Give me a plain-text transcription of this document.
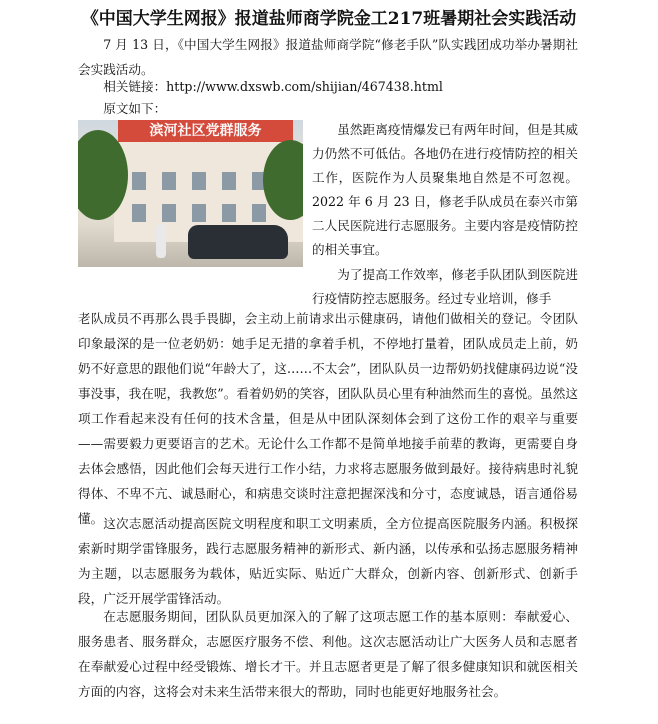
《中国大学生网报》报道盐师商学院金工217班暑期社会实践活动

7 月 13 日，《中国大学生网报》报道盐师商学院“修老手队”队实践团成功举办暑期社会实践活动。

相关链接：http://www.dxswb.com/shijian/467438.html

原文如下：

滨河社区党群服务	虽然距离疫情爆发已有两年时间，但是其威力仍然不可低估。各地仍在进行疫情防控的相关工作，医院作为人员聚集地自然是不可忽视。2022 年 6 月 23 日，修老手队成员在泰兴市第二人民医院进行志愿服务。主要内容是疫情防控的相关事宜。

为了提高工作效率，修老手队团队到医院进行疫情防控志愿服务。经过专业培训，修手

老队成员不再那么畏手畏脚，会主动上前请求出示健康码，请他们做相关的登记。令团队印象最深的是一位老奶奶：她手足无措的拿着手机，不停地打量着，团队成员走上前，奶奶不好意思的跟他们说“年龄大了，这……不太会”，团队队员一边帮奶奶找健康码边说“没事没事，我在呢，我教您”。看着奶奶的笑容，团队队员心里有种油然而生的喜悦。虽然这项工作看起来没有任何的技术含量，但是从中团队深刻体会到了这份工作的艰辛与重要——需要毅力更要语言的艺术。无论什么工作都不是简单地接手前辈的教诲，更需要自身去体会感悟，因此他们会每天进行工作小结，力求将志愿服务做到最好。接待病患时礼貌得体、不卑不亢、诚恳耐心，和病患交谈时注意把握深浅和分寸，态度诚恳，语言通俗易懂。 这次志愿活动提高医院文明程度和职工文明素质，全方位提高医院服务内涵。积极探索新时期学雷锋服务，践行志愿服务精神的新形式、新内涵，以传承和弘扬志愿服务精神为主题，以志愿服务为载体，贴近实际、贴近广大群众，创新内容、创新形式、创新手段，广泛开展学雷锋活动。

在志愿服务期间，团队队员更加深入的了解了这项志愿工作的基本原则：奉献爱心、服务患者、服务群众，志愿医疗服务不偿、利他。这次志愿活动让广大医务人员和志愿者在奉献爱心过程中经受锻炼、增长才干。并且志愿者更是了解了很多健康知识和就医相关方面的内容，这将会对未来生活带来很大的帮助，同时也能更好地服务社会。
